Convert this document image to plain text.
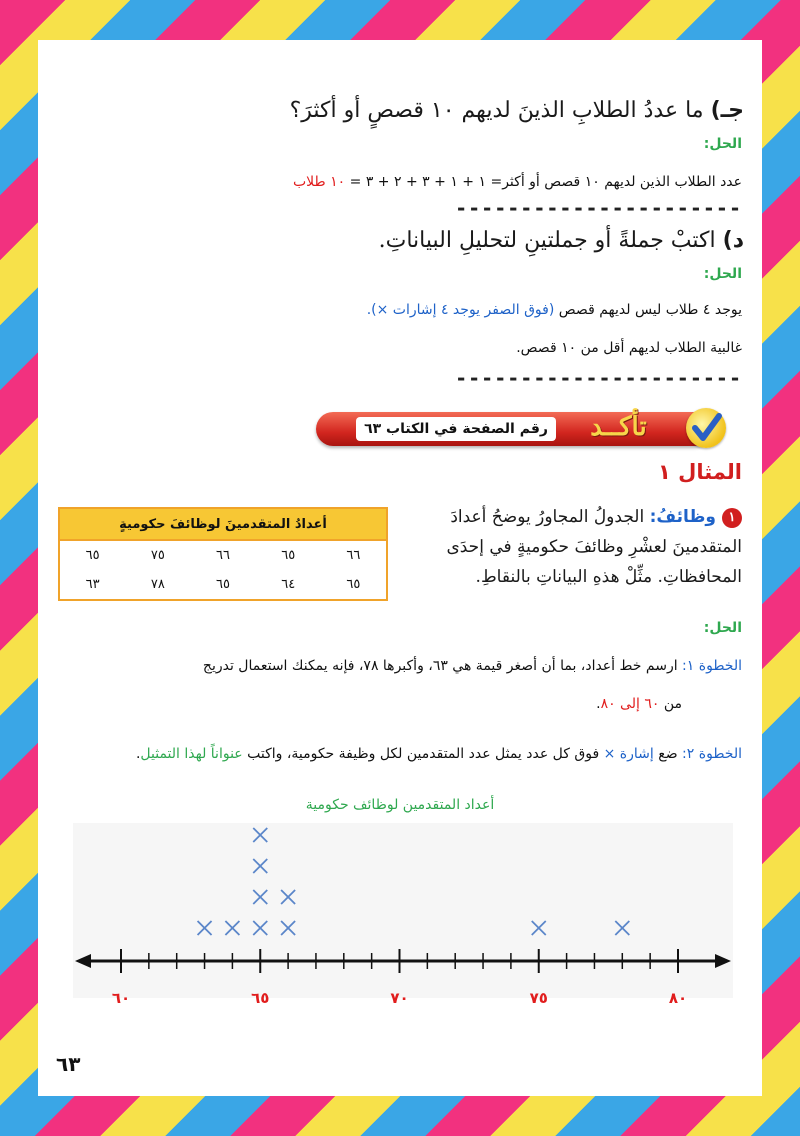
جـ) ما عددُ الطلابِ الذينَ لديهم ١٠ قصصٍ أو أكثرَ؟
الحل:
عدد الطلاب الذين لديهم ١٠ قصص أو أكثر= ١ + ١ + ٣ + ٢ + ٣ = ١٠ طلاب
----------------------
د) اكتبْ جملةً أو جملتينِ لتحليلِ البياناتِ.
الحل:
يوجد ٤ طلاب ليس لديهم قصص (فوق الصفر يوجد ٤ إشارات ×).
غالبية الطلاب لديهم أقل من ١٠ قصص.
----------------------
رقم الصفحة في الكتاب ٦٣	تأكــد
المثال ١
١وظائفُ: الجدولُ المجاورُ يوضحُ أعدادَ
المتقدمينَ لعشْرِ وظائفَ حكوميةٍ في إحدَى
المحافظاتِ. مثِّلْ هذهِ البياناتِ بالنقاطِ.
أعدادُ المتقدمينَ لوظائفَ حكوميةٍ				
٦٦	٦٥	٦٦	٧٥	٦٥
٦٥	٦٤	٦٥	٧٨	٦٣
الحل:
الخطوة ١: ارسم خط أعداد، بما أن أصغر قيمة هي ٦٣، وأكبرها ٧٨، فإنه يمكنك استعمال تدريج
من ٦٠ إلى ٨٠.
الخطوة ٢: ضع إشارة × فوق كل عدد يمثل عدد المتقدمين لكل وظيفة حكومية، واكتب عنواناً لهذا التمثيل.
أعداد المتقدمين لوظائف حكومية
٦٠	٦٥	٧٠	٧٥	٨٠
٦٣
